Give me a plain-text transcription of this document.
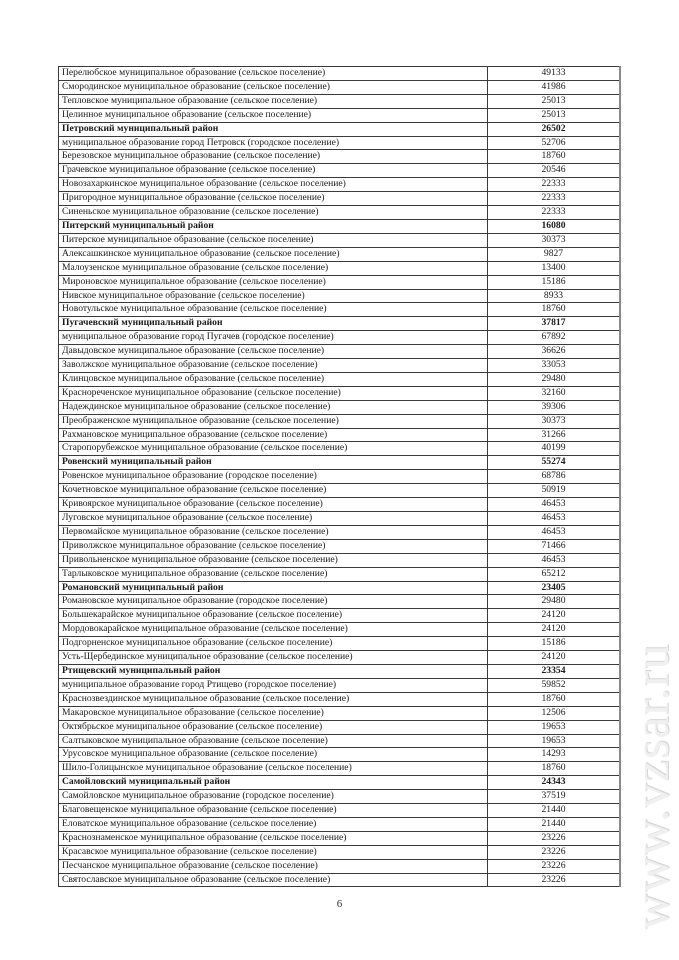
Перелюбское муниципальное образование (сельское поселение)	49133
Смородинское муниципальное образование (сельское поселение)	41986
Тепловское муниципальное образование (сельское поселение)	25013
Целинное муниципальное образование (сельское поселение)	25013
Петровский муниципальный район	26502
муниципальное образование город Петровск (городское поселение)	52706
Березовское муниципальное образование (сельское поселение)	18760
Грачевское муниципальное образование (сельское поселение)	20546
Новозахаркинское муниципальное образование (сельское поселение)	22333
Пригородное муниципальное образование (сельское поселение)	22333
Синеньское муниципальное образование (сельское поселение)	22333
Питерский муниципальный район	16080
Питерское муниципальное образование (сельское поселение)	30373
Алексашкинское муниципальное образование (сельское поселение)	9827
Малоузенское муниципальное образование (сельское поселение)	13400
Мироновское муниципальное образование (сельское поселение)	15186
Нивское муниципальное образование (сельское поселение)	8933
Новотульское муниципальное образование (сельское поселение)	18760
Пугачевский муниципальный район	37817
муниципальное образование город Пугачев (городское поселение)	67892
Давыдовское муниципальное образование (сельское поселение)	36626
Заволжское муниципальное образование (сельское поселение)	33053
Клинцовское муниципальное образование (сельское поселение)	29480
Краснореченское муниципальное образование (сельское поселение)	32160
Надеждинское муниципальное образование (сельское поселение)	39306
Преображенское муниципальное образование (сельское поселение)	30373
Рахмановское муниципальное образование (сельское поселение)	31266
Старопорубежское муниципальное образование (сельское поселение)	40199
Ровенский муниципальный район	55274
Ровенское муниципальное образование (городское поселение)	68786
Кочетновское муниципальное образование (сельское поселение)	50919
Кривоярское муниципальное образование (сельское поселение)	46453
Луговское муниципальное образование (сельское поселение)	46453
Первомайское муниципальное образование (сельское поселение)	46453
Приволжское муниципальное образование (сельское поселение)	71466
Привольненское муниципальное образование (сельское поселение)	46453
Тарлыковское муниципальное образование (сельское поселение)	65212
Романовский муниципальный район	23405
Романовское муниципальное образование (городское поселение)	29480
Большекарайское муниципальное образование (сельское поселение)	24120
Мордовокарайское муниципальное образование (сельское поселение)	24120
Подгорненское муниципальное образование (сельское поселение)	15186
Усть-Щербединское муниципальное образование (сельское поселение)	24120
Ртищевский муниципальный район	23354
муниципальное образование город Ртищево (городское поселение)	59852
Краснозвездинское муниципальное образование (сельское поселение)	18760
Макаровское муниципальное образование (сельское поселение)	12506
Октябрьское муниципальное образование (сельское поселение)	19653
Салтыковское муниципальное образование (сельское поселение)	19653
Урусовское муниципальное образование (сельское поселение)	14293
Шило-Голицынское муниципальное образование (сельское поселение)	18760
Самойловский муниципальный район	24343
Самойловское муниципальное образование (городское поселение)	37519
Благовещенское муниципальное образование (сельское поселение)	21440
Еловатское муниципальное образование (сельское поселение)	21440
Краснознаменское муниципальное образование (сельское поселение)	23226
Красавское муниципальное образование (сельское поселение)	23226
Песчанское муниципальное образование (сельское поселение)	23226
Святославское муниципальное образование (сельское поселение)	23226
6	www.vzsar.ru
